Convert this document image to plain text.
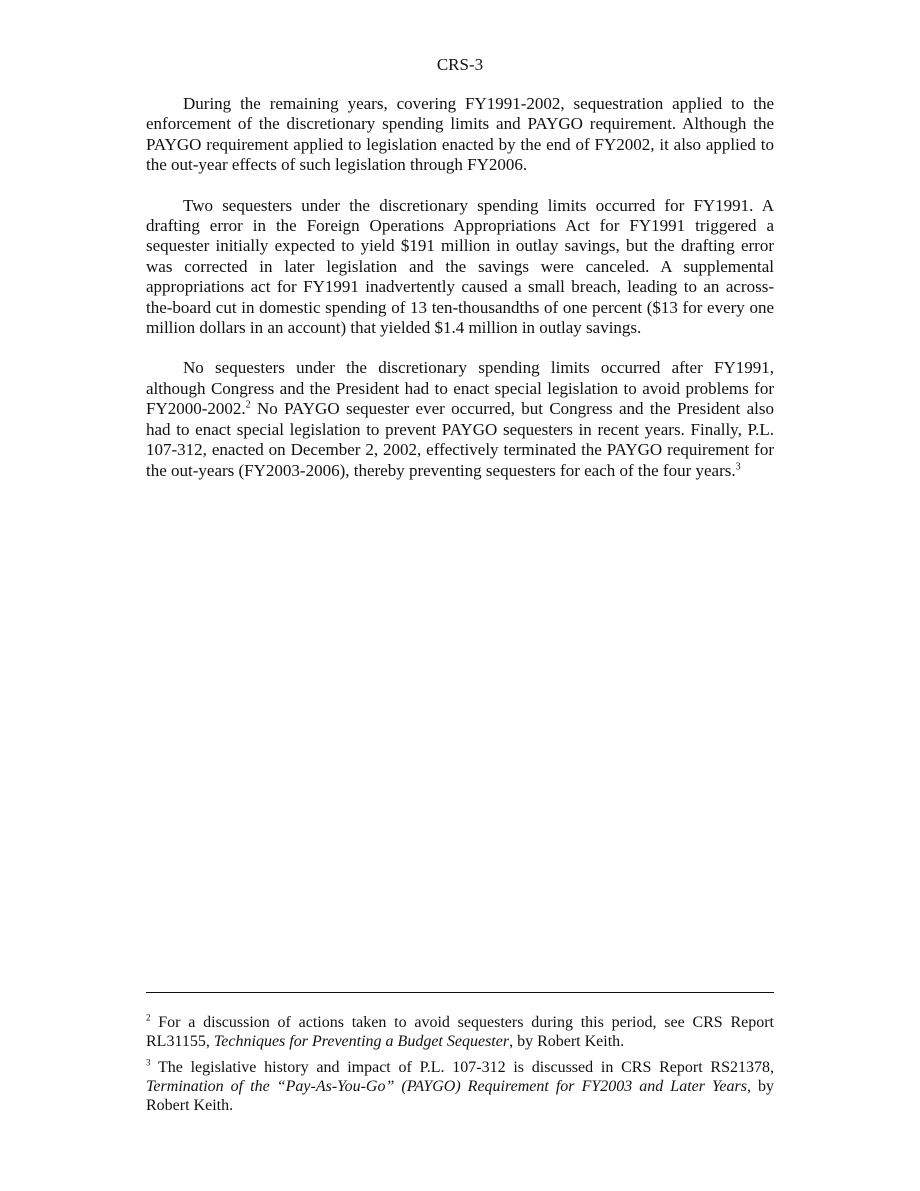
CRS-3

During the remaining years, covering FY1991-2002, sequestration applied to the enforcement of the discretionary spending limits and PAYGO requirement. Although the PAYGO requirement applied to legislation enacted by the end of FY2002, it also applied to the out-year effects of such legislation through FY2006.

Two sequesters under the discretionary spending limits occurred for FY1991. A drafting error in the Foreign Operations Appropriations Act for FY1991 triggered a sequester initially expected to yield $191 million in outlay savings, but the drafting error was corrected in later legislation and the savings were canceled. A supplemental appropriations act for FY1991 inadvertently caused a small breach, leading to an across-the-board cut in domestic spending of 13 ten-thousandths of one percent ($13 for every one million dollars in an account) that yielded $1.4 million in outlay savings.

No sequesters under the discretionary spending limits occurred after FY1991, although Congress and the President had to enact special legislation to avoid problems for FY2000-2002.$^2$ No PAYGO sequester ever occurred, but Congress and the President also had to enact special legislation to prevent PAYGO sequesters in recent years. Finally, P.L. 107-312, enacted on December 2, 2002, effectively terminated the PAYGO requirement for the out-years (FY2003-2006), thereby preventing sequesters for each of the four years.$^3$

$^2$ For a discussion of actions taken to avoid sequesters during this period, see CRS Report RL31155, Techniques for Preventing a Budget Sequester, by Robert Keith.

$^3$ The legislative history and impact of P.L. 107-312 is discussed in CRS Report RS21378, Termination of the “Pay-As-You-Go” (PAYGO) Requirement for FY2003 and Later Years, by Robert Keith.
